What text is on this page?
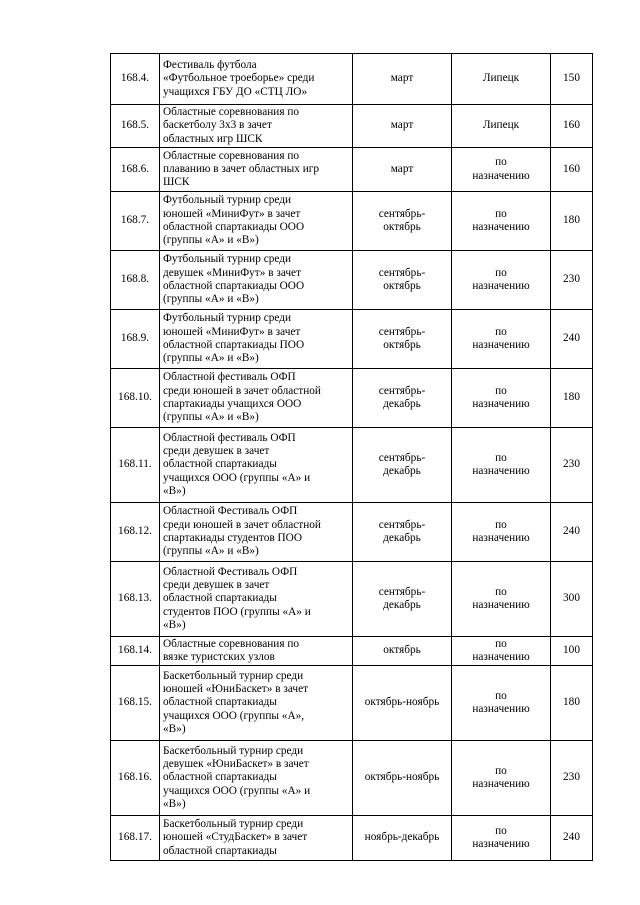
168.4.	Фестиваль футбола
«Футбольное троеборье» среди
учащихся ГБУ ДО «СТЦ ЛО»	март	Липецк	150

168.5.	Областные соревнования по
баскетболу 3х3 в зачет
областных игр ШСК	март	Липецк	160

168.6.	Областные соревнования по
плаванию в зачет областных игр
ШСК	март	по
назначению	160

168.7.	Футбольный турнир среди
юношей «МиниФут» в зачет
областной спартакиады ООО
(группы «А» и «В»)	сентябрь-
октябрь	по
назначению	180

168.8.	Футбольный турнир среди
девушек «МиниФут» в зачет
областной спартакиады ООО
(группы «А» и «В»)	сентябрь-
октябрь	по
назначению	230

168.9.	Футбольный турнир среди
юношей «МиниФут» в зачет
областной спартакиады ПОО
(группы «А» и «В»)	сентябрь-
октябрь	по
назначению	240

168.10.	Областной фестиваль ОФП
среди юношей в зачет областной
спартакиады учащихся ООО
(группы «А» и «В»)	сентябрь-
декабрь	по
назначению	180

168.11.	Областной фестиваль ОФП
среди девушек в зачет
областной спартакиады
учащихся ООО (группы «А» и
«В»)	сентябрь-
декабрь	по
назначению	230

168.12.	Областной Фестиваль ОФП
среди юношей в зачет областной
спартакиады студентов ПОО
(группы «А» и «В»)	сентябрь-
декабрь	по
назначению	240

168.13.	Областной Фестиваль ОФП
среди девушек в зачет
областной спартакиады
студентов ПОО (группы «А» и
«В»)	сентябрь-
декабрь	по
назначению	300

168.14.	Областные соревнования по
вязке туристских узлов	октябрь	по
назначению	100

168.15.	Баскетбольный турнир среди
юношей «ЮниБаскет» в зачет
областной спартакиады
учащихся ООО (группы «А»,
«В»)	октябрь-ноябрь	по
назначению	180

168.16.	Баскетбольный турнир среди
девушек «ЮниБаскет» в зачет
областной спартакиады
учащихся ООО (группы «А» и
«В»)	октябрь-ноябрь	по
назначению	230

168.17.	Баскетбольный турнир среди
юношей «СтудБаскет» в зачет
областной спартакиады	ноябрь-декабрь	по
назначению	240
